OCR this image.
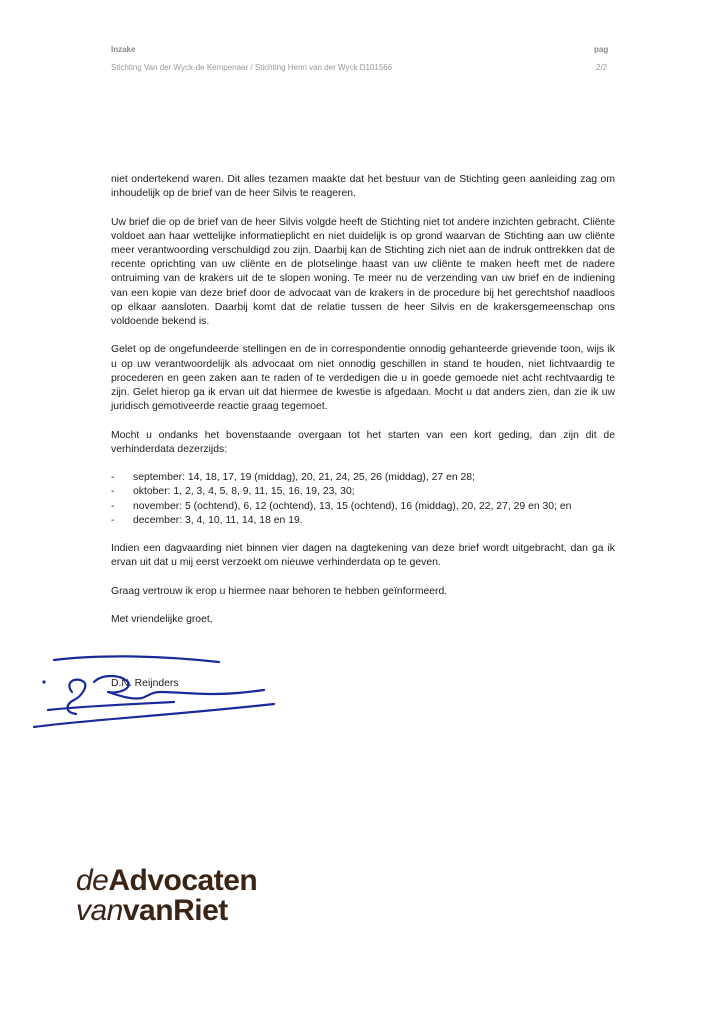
Inzake
Stichting Van der Wyck-de Kempenaer / Stichting Henri van der Wyck D101566
pag
2/2

niet ondertekend waren. Dit alles tezamen maakte dat het bestuur van de Stichting geen aanleiding zag om inhoudelijk op de brief van de heer Silvis te reageren.

Uw brief die op de brief van de heer Silvis volgde heeft de Stichting niet tot andere inzichten gebracht. Cliënte voldoet aan haar wettelijke informatieplicht en niet duidelijk is op grond waarvan de Stichting aan uw cliënte meer verantwoording verschuldigd zou zijn. Daarbij kan de Stichting zich niet aan de indruk onttrekken dat de recente oprichting van uw cliënte en de plotselinge haast van uw cliënte te maken heeft met de nadere ontruiming van de krakers uit de te slopen woning. Te meer nu de verzending van uw brief en de indiening van een kopie van deze brief door de advocaat van de krakers in de procedure bij het gerechtshof naadloos op elkaar aansloten. Daarbij komt dat de relatie tussen de heer Silvis en de krakersgemeenschap ons voldoende bekend is.

Gelet op de ongefundeerde stellingen en de in correspondentie onnodig gehanteerde grievende toon, wijs ik u op uw verantwoordelijk als advocaat om niet onnodig geschillen in stand te houden, niet lichtvaardig te procederen en geen zaken aan te raden of te verdedigen die u in goede gemoede niet acht rechtvaardig te zijn. Gelet hierop ga ik ervan uit dat hiermee de kwestie is afgedaan. Mocht u dat anders zien, dan zie ik uw juridisch gemotiveerde reactie graag tegemoet.

Mocht u ondanks het bovenstaande overgaan tot het starten van een kort geding, dan zijn dit de verhinderdata dezerzijds:

- september: 14, 18, 17, 19 (middag), 20, 21, 24, 25, 26 (middag), 27 en 28;
- oktober: 1, 2, 3, 4, 5, 8, 9, 11, 15, 16, 19, 23, 30;
- november: 5 (ochtend), 6, 12 (ochtend), 13, 15 (ochtend), 16 (middag), 20, 22, 27, 29 en 30; en
- december: 3, 4, 10, 11, 14, 18 en 19.

Indien een dagvaarding niet binnen vier dagen na dagtekening van deze brief wordt uitgebracht, dan ga ik ervan uit dat u mij eerst verzoekt om nieuwe verhinderdata op te geven.

Graag vertrouw ik erop u hiermee naar behoren te hebben geïnformeerd.

Met vriendelijke groet,

D.N. Reijnders

deAdvocaten
vanvanRiet
